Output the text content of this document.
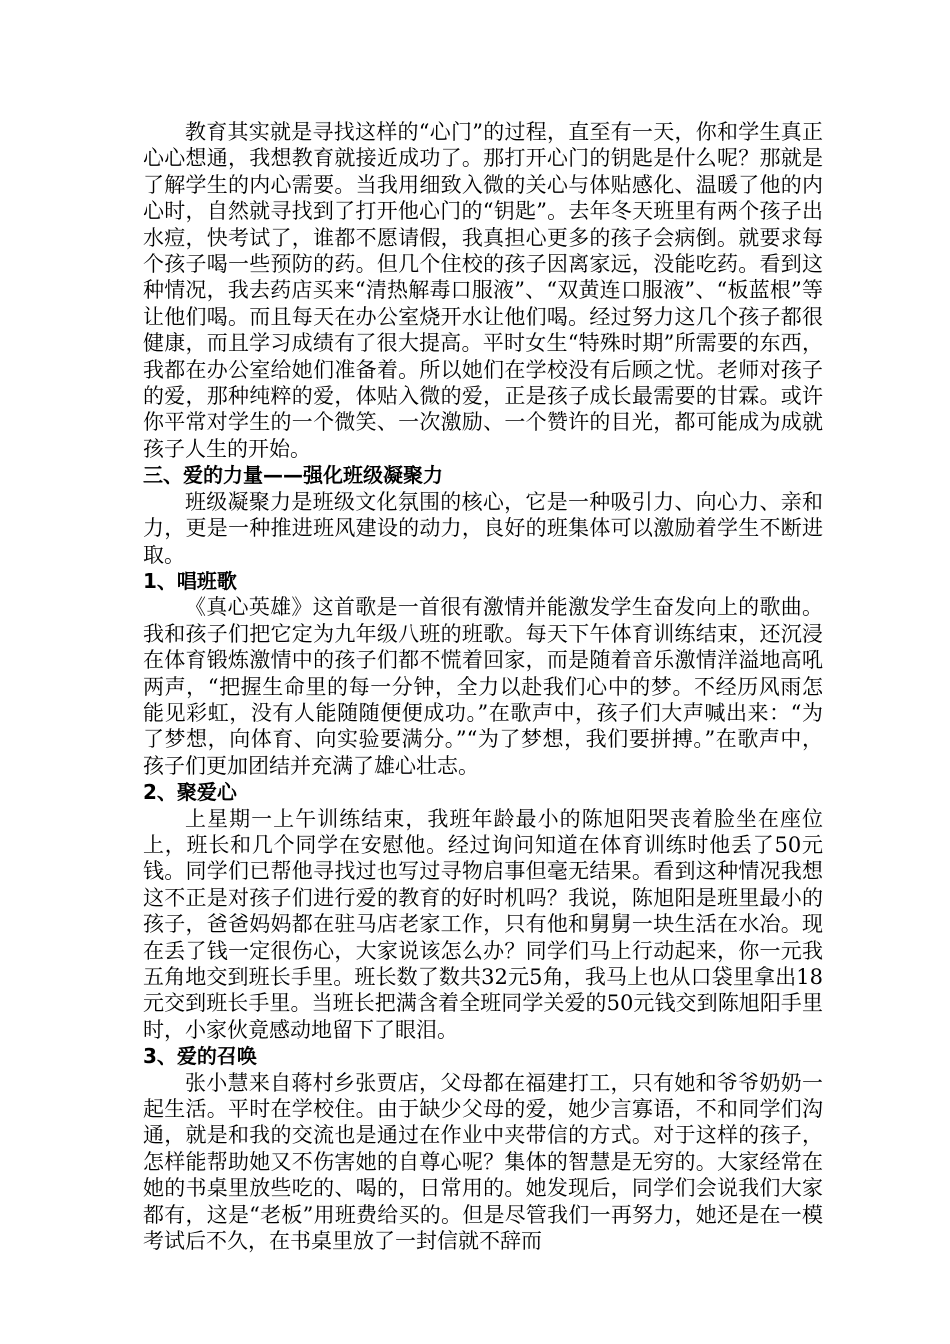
教育其实就是寻找这样的“心门”的过程，直至有一天，你和学生真正心心想通，我想教育就接近成功了。那打开心门的钥匙是什么呢？那就是了解学生的内心需要。当我用细致入微的关心与体贴感化、温暖了他的内心时，自然就寻找到了打开他心门的“钥匙”。去年冬天班里有两个孩子出水痘，快考试了，谁都不愿请假，我真担心更多的孩子会病倒。就要求每个孩子喝一些预防的药。但几个住校的孩子因离家远，没能吃药。看到这种情况，我去药店买来“清热解毒口服液”、“双黄连口服液”、“板蓝根”等让他们喝。而且每天在办公室烧开水让他们喝。经过努力这几个孩子都很健康，而且学习成绩有了很大提高。平时女生“特殊时期”所需要的东西，我都在办公室给她们准备着。所以她们在学校没有后顾之忧。老师对孩子的爱，那种纯粹的爱，体贴入微的爱，正是孩子成长最需要的甘霖。或许你平常对学生的一个微笑、一次激励、一个赞许的目光，都可能成为成就孩子人生的开始。

三、爱的力量——强化班级凝聚力

班级凝聚力是班级文化氛围的核心，它是一种吸引力、向心力、亲和力，更是一种推进班风建设的动力，良好的班集体可以激励着学生不断进取。

1、唱班歌

《真心英雄》这首歌是一首很有激情并能激发学生奋发向上的歌曲。我和孩子们把它定为九年级八班的班歌。每天下午体育训练结束，还沉浸在体育锻炼激情中的孩子们都不慌着回家，而是随着音乐激情洋溢地高吼两声，“把握生命里的每一分钟，全力以赴我们心中的梦。不经历风雨怎能见彩虹，没有人能随随便便成功。”在歌声中，孩子们大声喊出来：“为了梦想，向体育、向实验要满分。”“为了梦想，我们要拼搏。”在歌声中，孩子们更加团结并充满了雄心壮志。

2、聚爱心

上星期一上午训练结束，我班年龄最小的陈旭阳哭丧着脸坐在座位上，班长和几个同学在安慰他。经过询问知道在体育训练时他丢了50元钱。同学们已帮他寻找过也写过寻物启事但毫无结果。看到这种情况我想这不正是对孩子们进行爱的教育的好时机吗？我说，陈旭阳是班里最小的孩子，爸爸妈妈都在驻马店老家工作，只有他和舅舅一块生活在水冶。现在丢了钱一定很伤心，大家说该怎么办？同学们马上行动起来，你一元我五角地交到班长手里。班长数了数共32元5角，我马上也从口袋里拿出18元交到班长手里。当班长把满含着全班同学关爱的50元钱交到陈旭阳手里时，小家伙竟感动地留下了眼泪。

3、爱的召唤

张小慧来自蒋村乡张贾店，父母都在福建打工，只有她和爷爷奶奶一起生活。平时在学校住。由于缺少父母的爱，她少言寡语，不和同学们沟通，就是和我的交流也是通过在作业中夹带信的方式。对于这样的孩子，怎样能帮助她又不伤害她的自尊心呢？集体的智慧是无穷的。大家经常在她的书桌里放些吃的、喝的，日常用的。她发现后，同学们会说我们大家都有，这是“老板”用班费给买的。但是尽管我们一再努力，她还是在一模考试后不久，在书桌里放了一封信就不辞而
